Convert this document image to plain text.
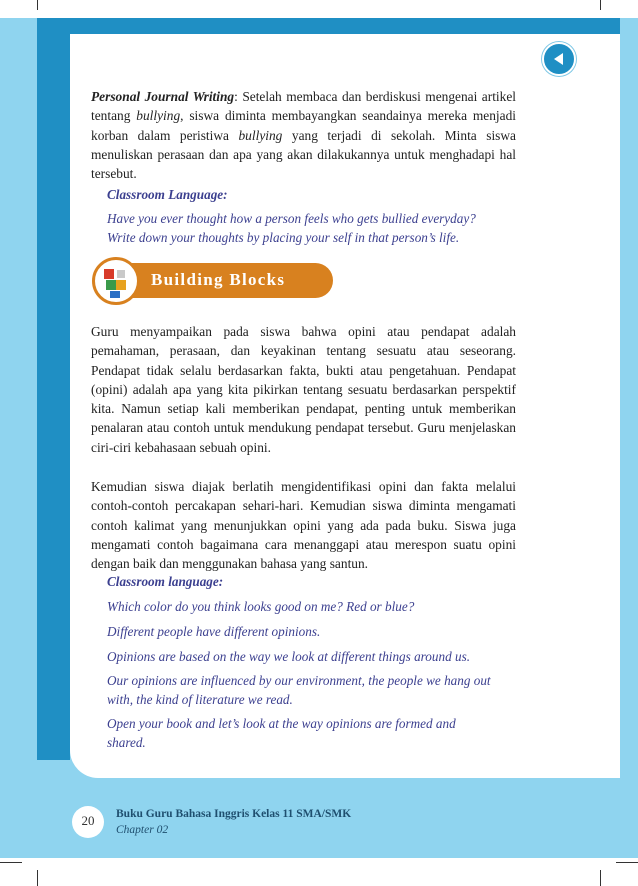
Personal Journal Writing: Setelah membaca dan berdiskusi mengenai artikel tentang bullying, siswa diminta membayangkan seandainya mereka menjadi korban dalam peristiwa bullying yang terjadi di sekolah. Minta siswa menuliskan perasaan dan apa yang akan dilakukannya untuk menghadapi hal tersebut.

Classroom Language:

Have you ever thought how a person feels who gets bullied everyday?

Write down your thoughts by placing your self in that person’s life.

Building Blocks

Guru menyampaikan pada siswa bahwa opini atau pendapat adalah pemahaman, perasaan, dan keyakinan tentang sesuatu atau seseorang. Pendapat tidak selalu berdasarkan fakta, bukti atau pengetahuan. Pendapat (opini) adalah apa yang kita pikirkan tentang sesuatu berdasarkan perspektif kita. Namun setiap kali memberikan pendapat, penting untuk memberikan penalaran atau contoh untuk mendukung pendapat tersebut. Guru menjelaskan ciri-ciri kebahasaan sebuah opini.

Kemudian siswa diajak berlatih mengidentifikasi opini dan fakta melalui contoh-contoh percakapan sehari-hari. Kemudian siswa diminta mengamati contoh kalimat yang menunjukkan opini yang ada pada buku. Siswa juga mengamati contoh bagaimana cara menanggapi atau merespon suatu opini dengan baik dan menggunakan bahasa yang santun.

Classroom language:

Which color do you think looks good on me? Red or blue?

Different people have different opinions.

Opinions are based on the way we look at different things around us.

Our opinions are influenced by our environment, the people we hang out with, the kind of literature we read.

Open your book and let’s look at the way opinions are formed and shared.

20	Buku Guru Bahasa Inggris Kelas 11 SMA/SMK

Chapter 02
